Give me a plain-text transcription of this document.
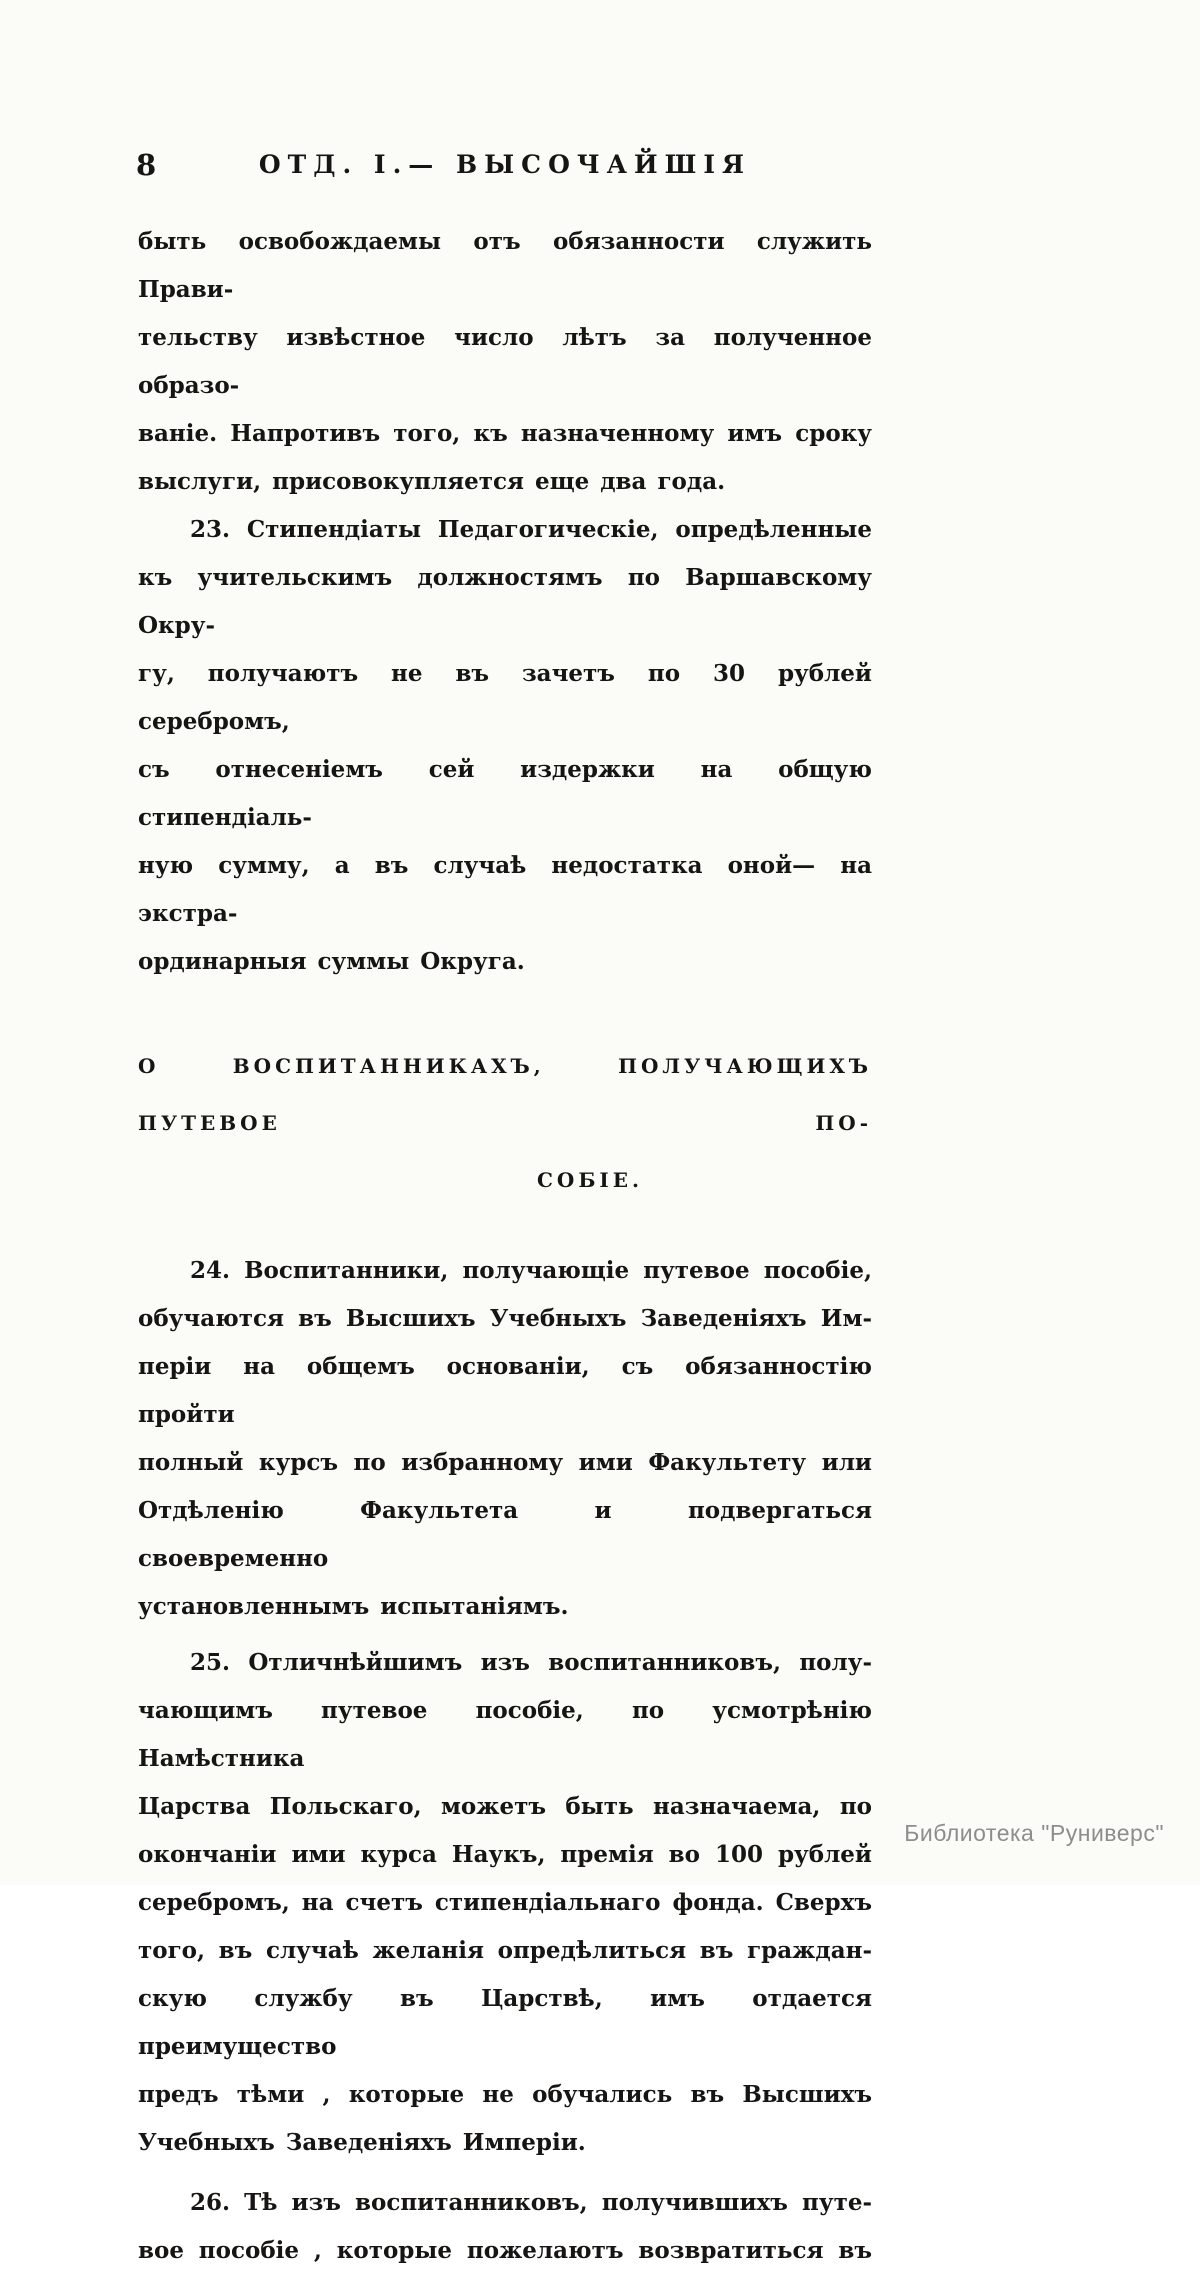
8	ОТД. I.— ВЫСОЧАЙШІЯ
быть освобождаемы отъ обязанности служить Прави-
тельству извѣстное число лѣтъ за полученное образо-
ваніе. Напротивъ того, къ назначенному имъ сроку
выслуги, присовокупляется еще два года.
23. Стипендіаты Педагогическіе, опредѣленные
къ учительскимъ должностямъ по Варшавскому Окру-
гу, получаютъ не въ зачетъ по 30 рублей серебромъ,
съ отнесеніемъ сей издержки на общую стипендіаль-
ную сумму, а въ случаѣ недостатка оной— на экстра-
ординарныя суммы Округа.
О ВОСПИТАННИКАХЪ, ПОЛУЧАЮЩИХЪ ПУТЕВОЕ ПО-
СОБІЕ.
24. Воспитанники, получающіе путевое пособіе,
обучаются въ Высшихъ Учебныхъ Заведеніяхъ Им-
періи на общемъ основаніи, съ обязанностію пройти
полный курсъ по избранному ими Факультету или
Отдѣленію Факультета и подвергаться своевременно
установленнымъ испытаніямъ.
25. Отличнѣйшимъ изъ воспитанниковъ, полу-
чающимъ путевое пособіе, по усмотрѣнію Намѣстника
Царства Польскаго, можетъ быть назначаема, по
окончаніи ими курса Наукъ, премія во 100 рублей
серебромъ, на счетъ стипендіальнаго фонда. Сверхъ
того, въ случаѣ желанія опредѣлиться въ граждан-
скую службу въ Царствѣ, имъ отдается преимущество
предъ тѣми , которые не обучались въ Высшихъ
Учебныхъ Заведеніяхъ Имперіи.
26. Тѣ изъ воспитанниковъ, получившихъ путе-
вое пособіе , которые пожелаютъ возвратиться въ
Библиотека "Руниверс"
